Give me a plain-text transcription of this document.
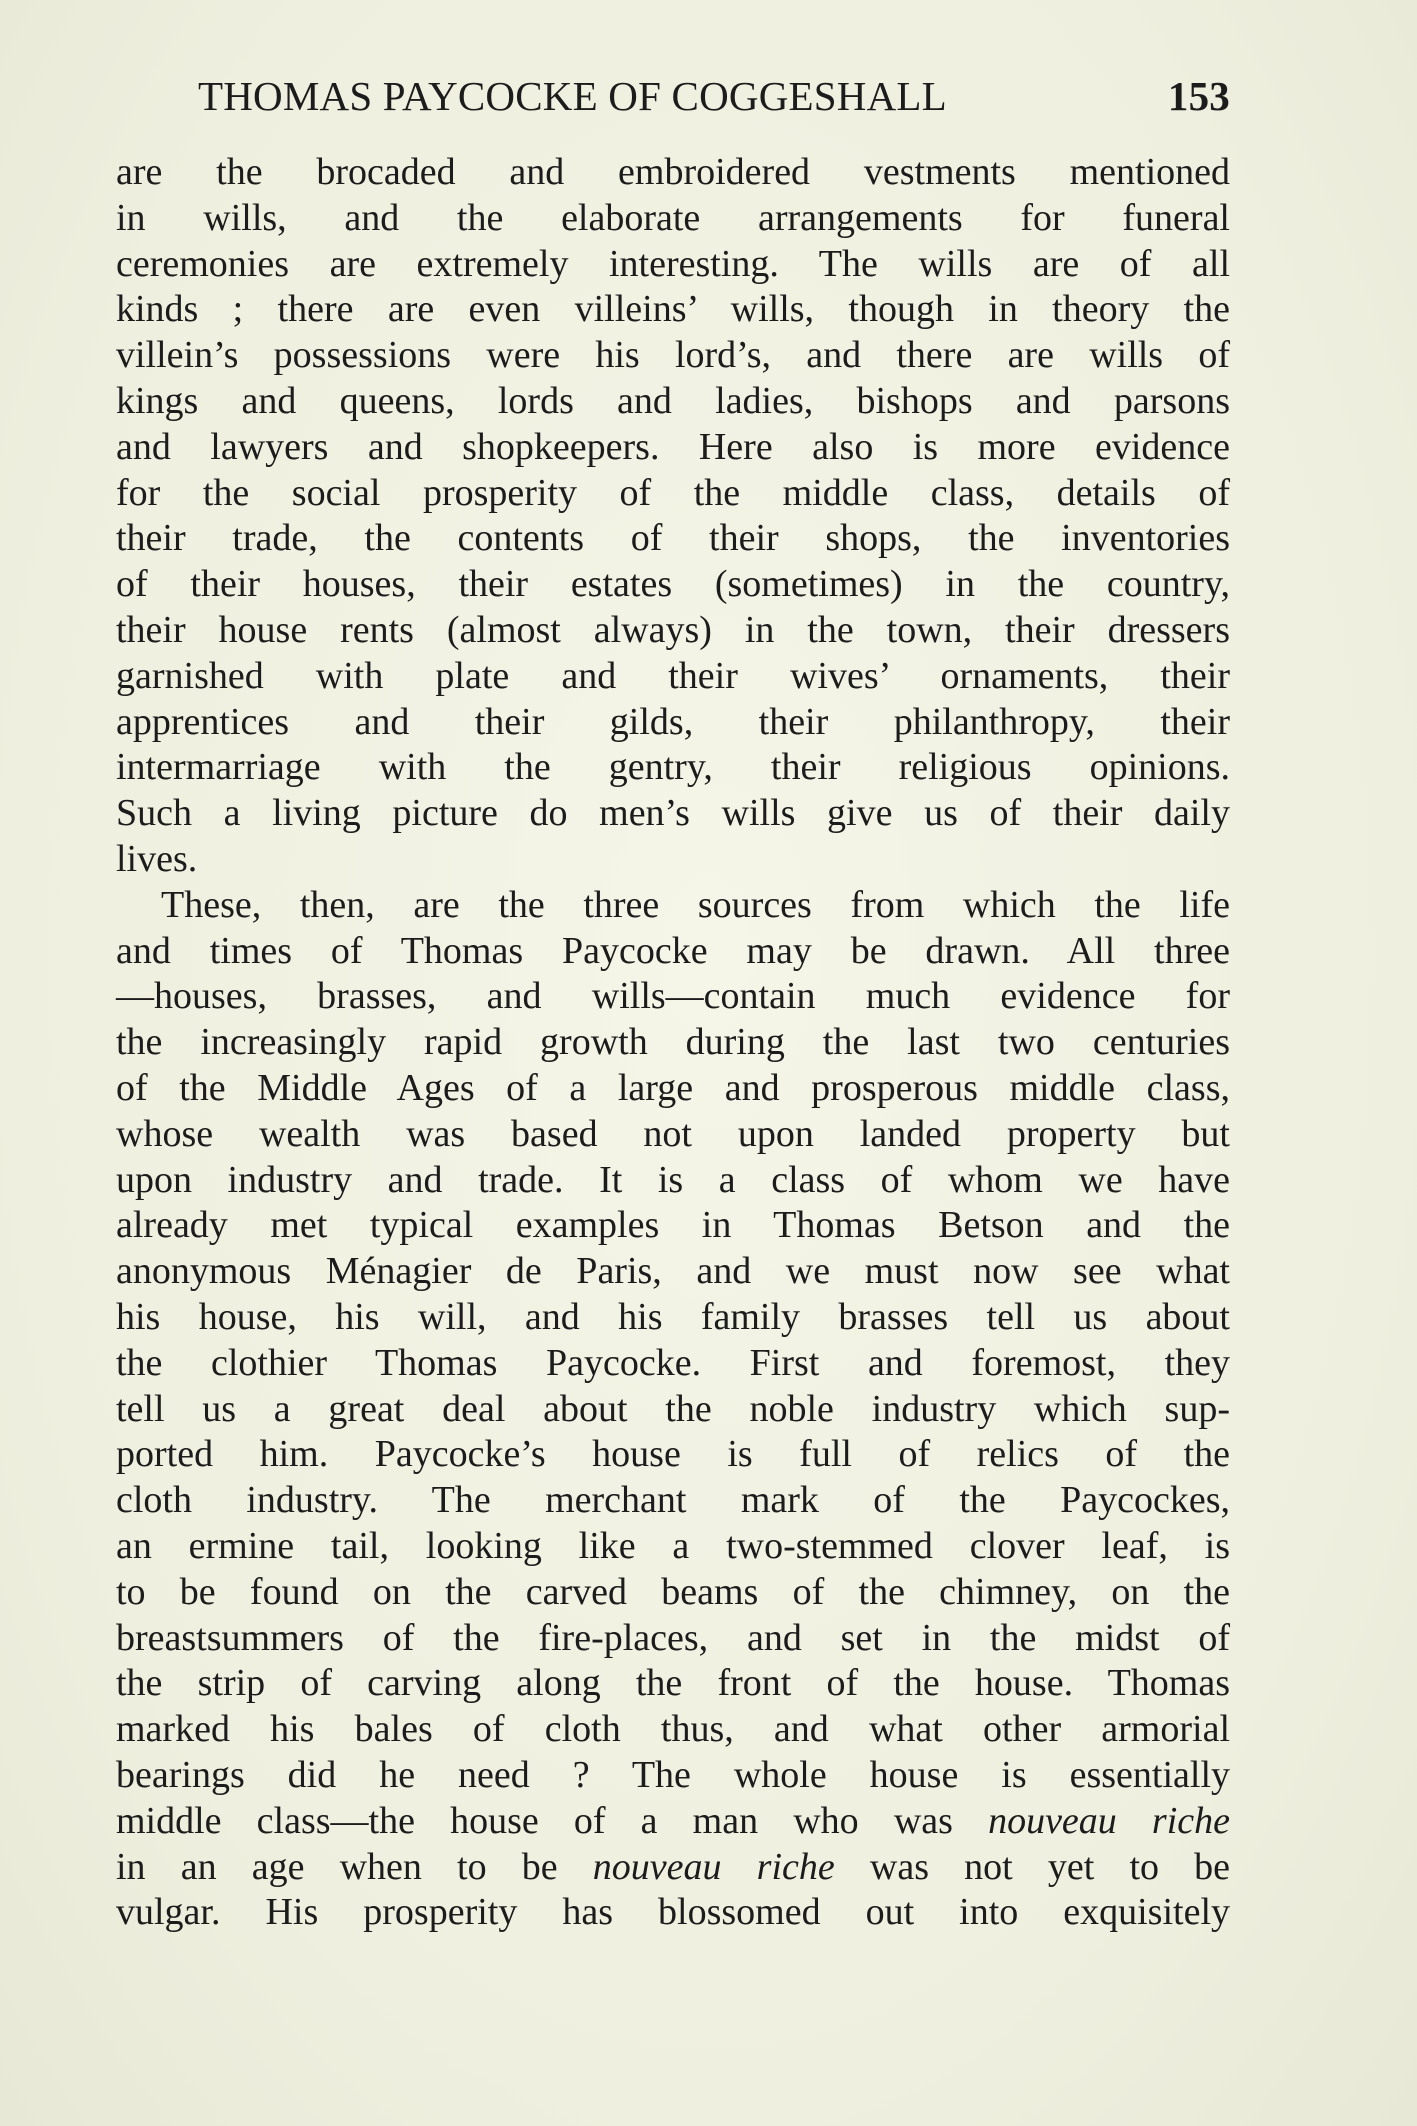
THOMAS PAYCOCKE OF COGGESHALL	153
are the brocaded and embroidered vestments mentioned
in wills, and the elaborate arrangements for funeral
ceremonies are extremely interesting. The wills are of all
kinds ; there are even villeins’ wills, though in theory the
villein’s possessions were his lord’s, and there are wills of
kings and queens, lords and ladies, bishops and parsons
and lawyers and shopkeepers. Here also is more evidence
for the social prosperity of the middle class, details of
their trade, the contents of their shops, the inventories
of their houses, their estates (sometimes) in the country,
their house rents (almost always) in the town, their dressers
garnished with plate and their wives’ ornaments, their
apprentices and their gilds, their philanthropy, their
intermarriage with the gentry, their religious opinions.
Such a living picture do men’s wills give us of their daily
lives.
These, then, are the three sources from which the life
and times of Thomas Paycocke may be drawn. All three
—houses, brasses, and wills—contain much evidence for
the increasingly rapid growth during the last two centuries
of the Middle Ages of a large and prosperous middle class,
whose wealth was based not upon landed property but
upon industry and trade. It is a class of whom we have
already met typical examples in Thomas Betson and the
anonymous Ménagier de Paris, and we must now see what
his house, his will, and his family brasses tell us about
the clothier Thomas Paycocke. First and foremost, they
tell us a great deal about the noble industry which sup-
ported him. Paycocke’s house is full of relics of the
cloth industry. The merchant mark of the Paycockes,
an ermine tail, looking like a two-stemmed clover leaf, is
to be found on the carved beams of the chimney, on the
breastsummers of the fire-places, and set in the midst of
the strip of carving along the front of the house. Thomas
marked his bales of cloth thus, and what other armorial
bearings did he need ? The whole house is essentially
middle class—the house of a man who was nouveau riche
in an age when to be nouveau riche was not yet to be
vulgar. His prosperity has blossomed out into exquisitely
